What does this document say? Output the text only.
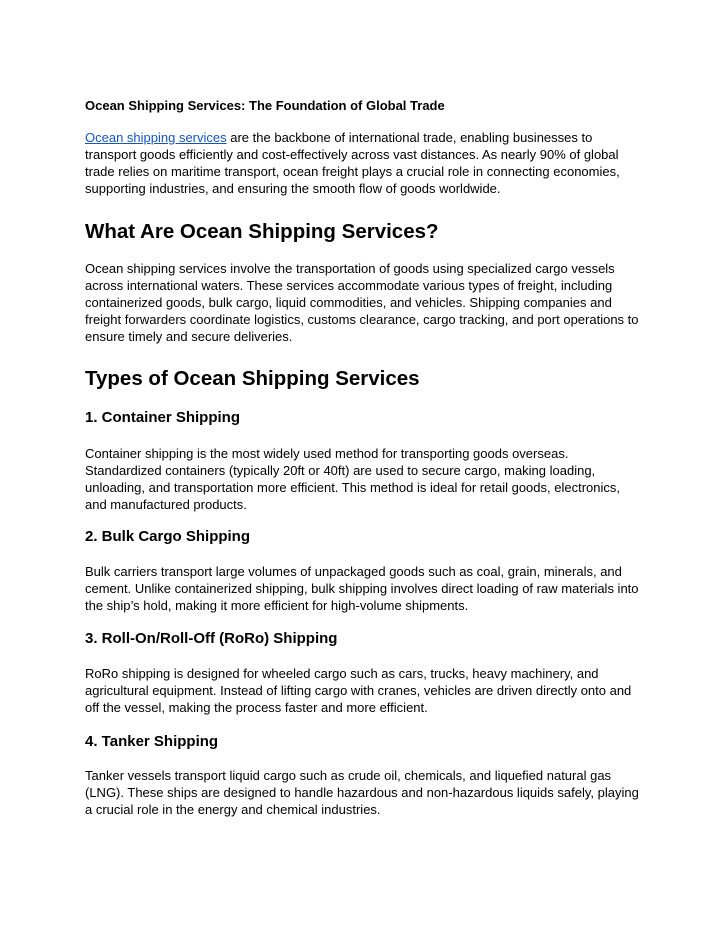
Ocean Shipping Services: The Foundation of Global Trade

Ocean shipping services are the backbone of international trade, enabling businesses to transport goods efficiently and cost-effectively across vast distances. As nearly 90% of global trade relies on maritime transport, ocean freight plays a crucial role in connecting economies, supporting industries, and ensuring the smooth flow of goods worldwide.

What Are Ocean Shipping Services?

Ocean shipping services involve the transportation of goods using specialized cargo vessels across international waters. These services accommodate various types of freight, including containerized goods, bulk cargo, liquid commodities, and vehicles. Shipping companies and freight forwarders coordinate logistics, customs clearance, cargo tracking, and port operations to ensure timely and secure deliveries.

Types of Ocean Shipping Services
1. Container Shipping

Container shipping is the most widely used method for transporting goods overseas. Standardized containers (typically 20ft or 40ft) are used to secure cargo, making loading, unloading, and transportation more efficient. This method is ideal for retail goods, electronics, and manufactured products.

2. Bulk Cargo Shipping

Bulk carriers transport large volumes of unpackaged goods such as coal, grain, minerals, and cement. Unlike containerized shipping, bulk shipping involves direct loading of raw materials into the ship’s hold, making it more efficient for high-volume shipments.

3. Roll-On/Roll-Off (RoRo) Shipping

RoRo shipping is designed for wheeled cargo such as cars, trucks, heavy machinery, and agricultural equipment. Instead of lifting cargo with cranes, vehicles are driven directly onto and off the vessel, making the process faster and more efficient.

4. Tanker Shipping

Tanker vessels transport liquid cargo such as crude oil, chemicals, and liquefied natural gas (LNG). These ships are designed to handle hazardous and non-hazardous liquids safely, playing a crucial role in the energy and chemical industries.
